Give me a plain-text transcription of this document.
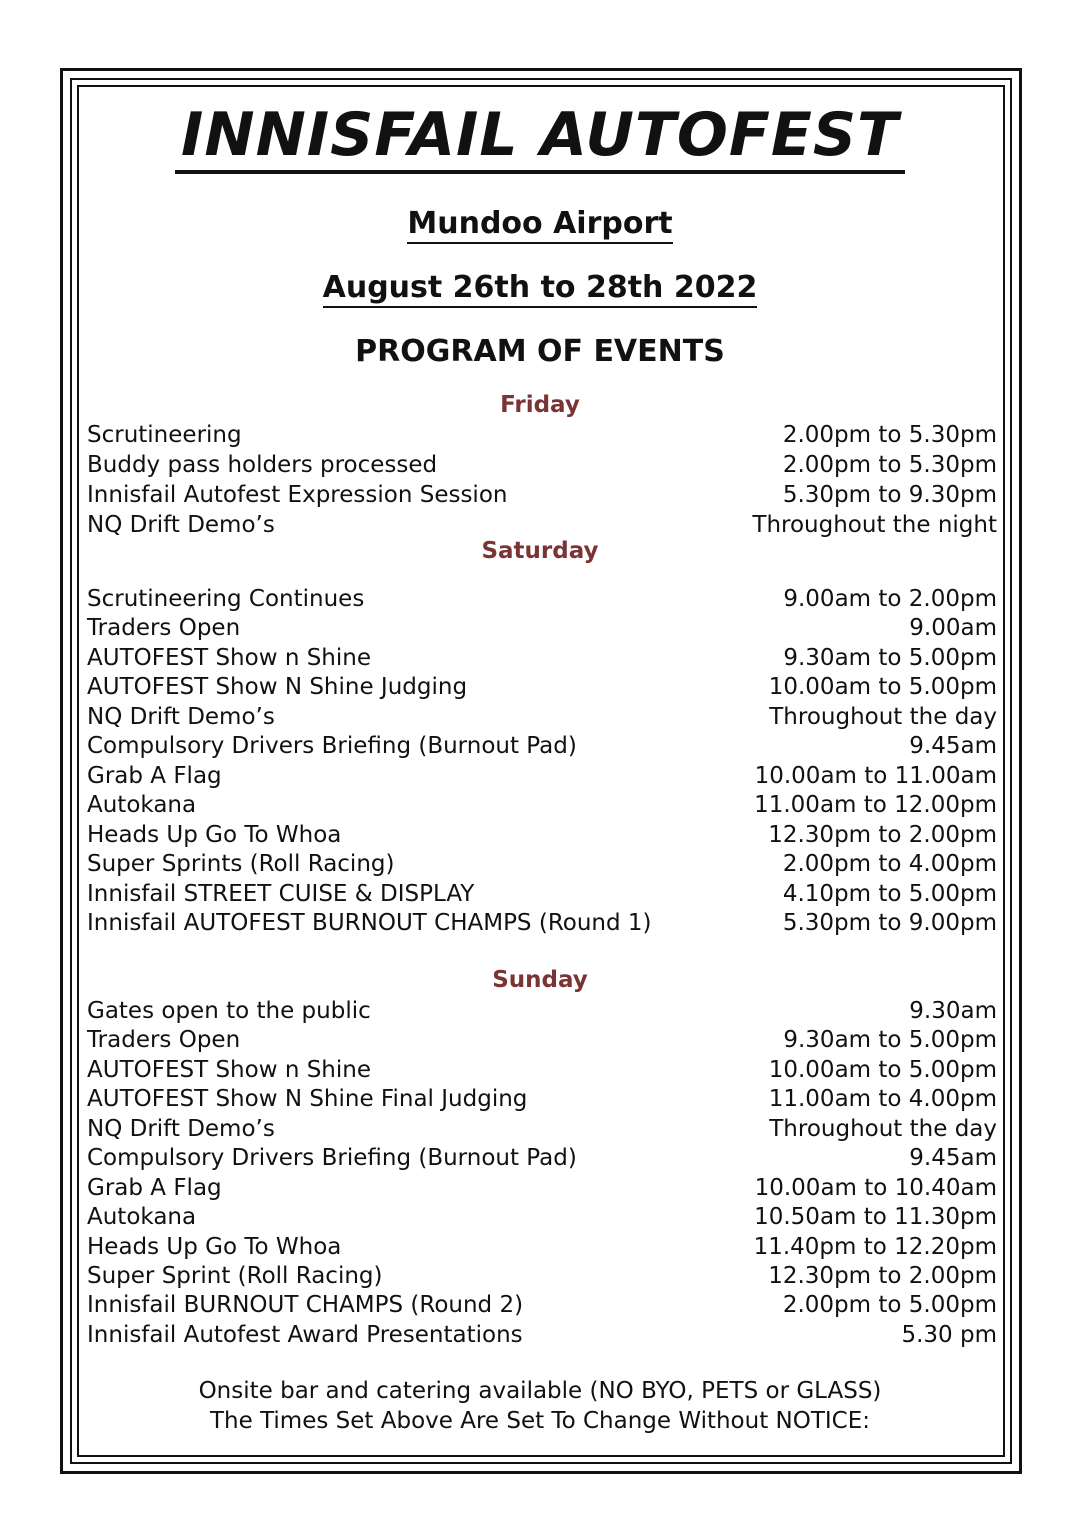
INNISFAIL AUTOFEST
Mundoo Airport
August 26th to 28th 2022
PROGRAM OF EVENTS
Friday
Scrutineering	2.00pm to 5.30pm
Buddy pass holders processed	2.00pm to 5.30pm
Innisfail Autofest Expression Session	5.30pm to 9.30pm
NQ Drift Demo’s	Throughout the night
Saturday
Scrutineering Continues	9.00am to 2.00pm
Traders Open	9.00am
AUTOFEST Show n Shine	9.30am to 5.00pm
AUTOFEST Show N Shine Judging	10.00am to 5.00pm
NQ Drift Demo’s	Throughout the day
Compulsory Drivers Briefing (Burnout Pad)	9.45am
Grab A Flag	10.00am to 11.00am
Autokana	11.00am to 12.00pm
Heads Up Go To Whoa	12.30pm to 2.00pm
Super Sprints (Roll Racing)	2.00pm to 4.00pm
Innisfail STREET CUISE & DISPLAY	4.10pm to 5.00pm
Innisfail AUTOFEST BURNOUT CHAMPS (Round 1)	5.30pm to 9.00pm
Sunday
Gates open to the public	9.30am
Traders Open	9.30am to 5.00pm
AUTOFEST Show n Shine	10.00am to 5.00pm
AUTOFEST Show N Shine Final Judging	11.00am to 4.00pm
NQ Drift Demo’s	Throughout the day
Compulsory Drivers Briefing (Burnout Pad)	9.45am
Grab A Flag	10.00am to 10.40am
Autokana	10.50am to 11.30pm
Heads Up Go To Whoa	11.40pm to 12.20pm
Super Sprint (Roll Racing)	12.30pm to 2.00pm
Innisfail BURNOUT CHAMPS (Round 2)	2.00pm to 5.00pm
Innisfail Autofest Award Presentations	5.30 pm
Onsite bar and catering available (NO BYO, PETS or GLASS)
The Times Set Above Are Set To Change Without NOTICE:
